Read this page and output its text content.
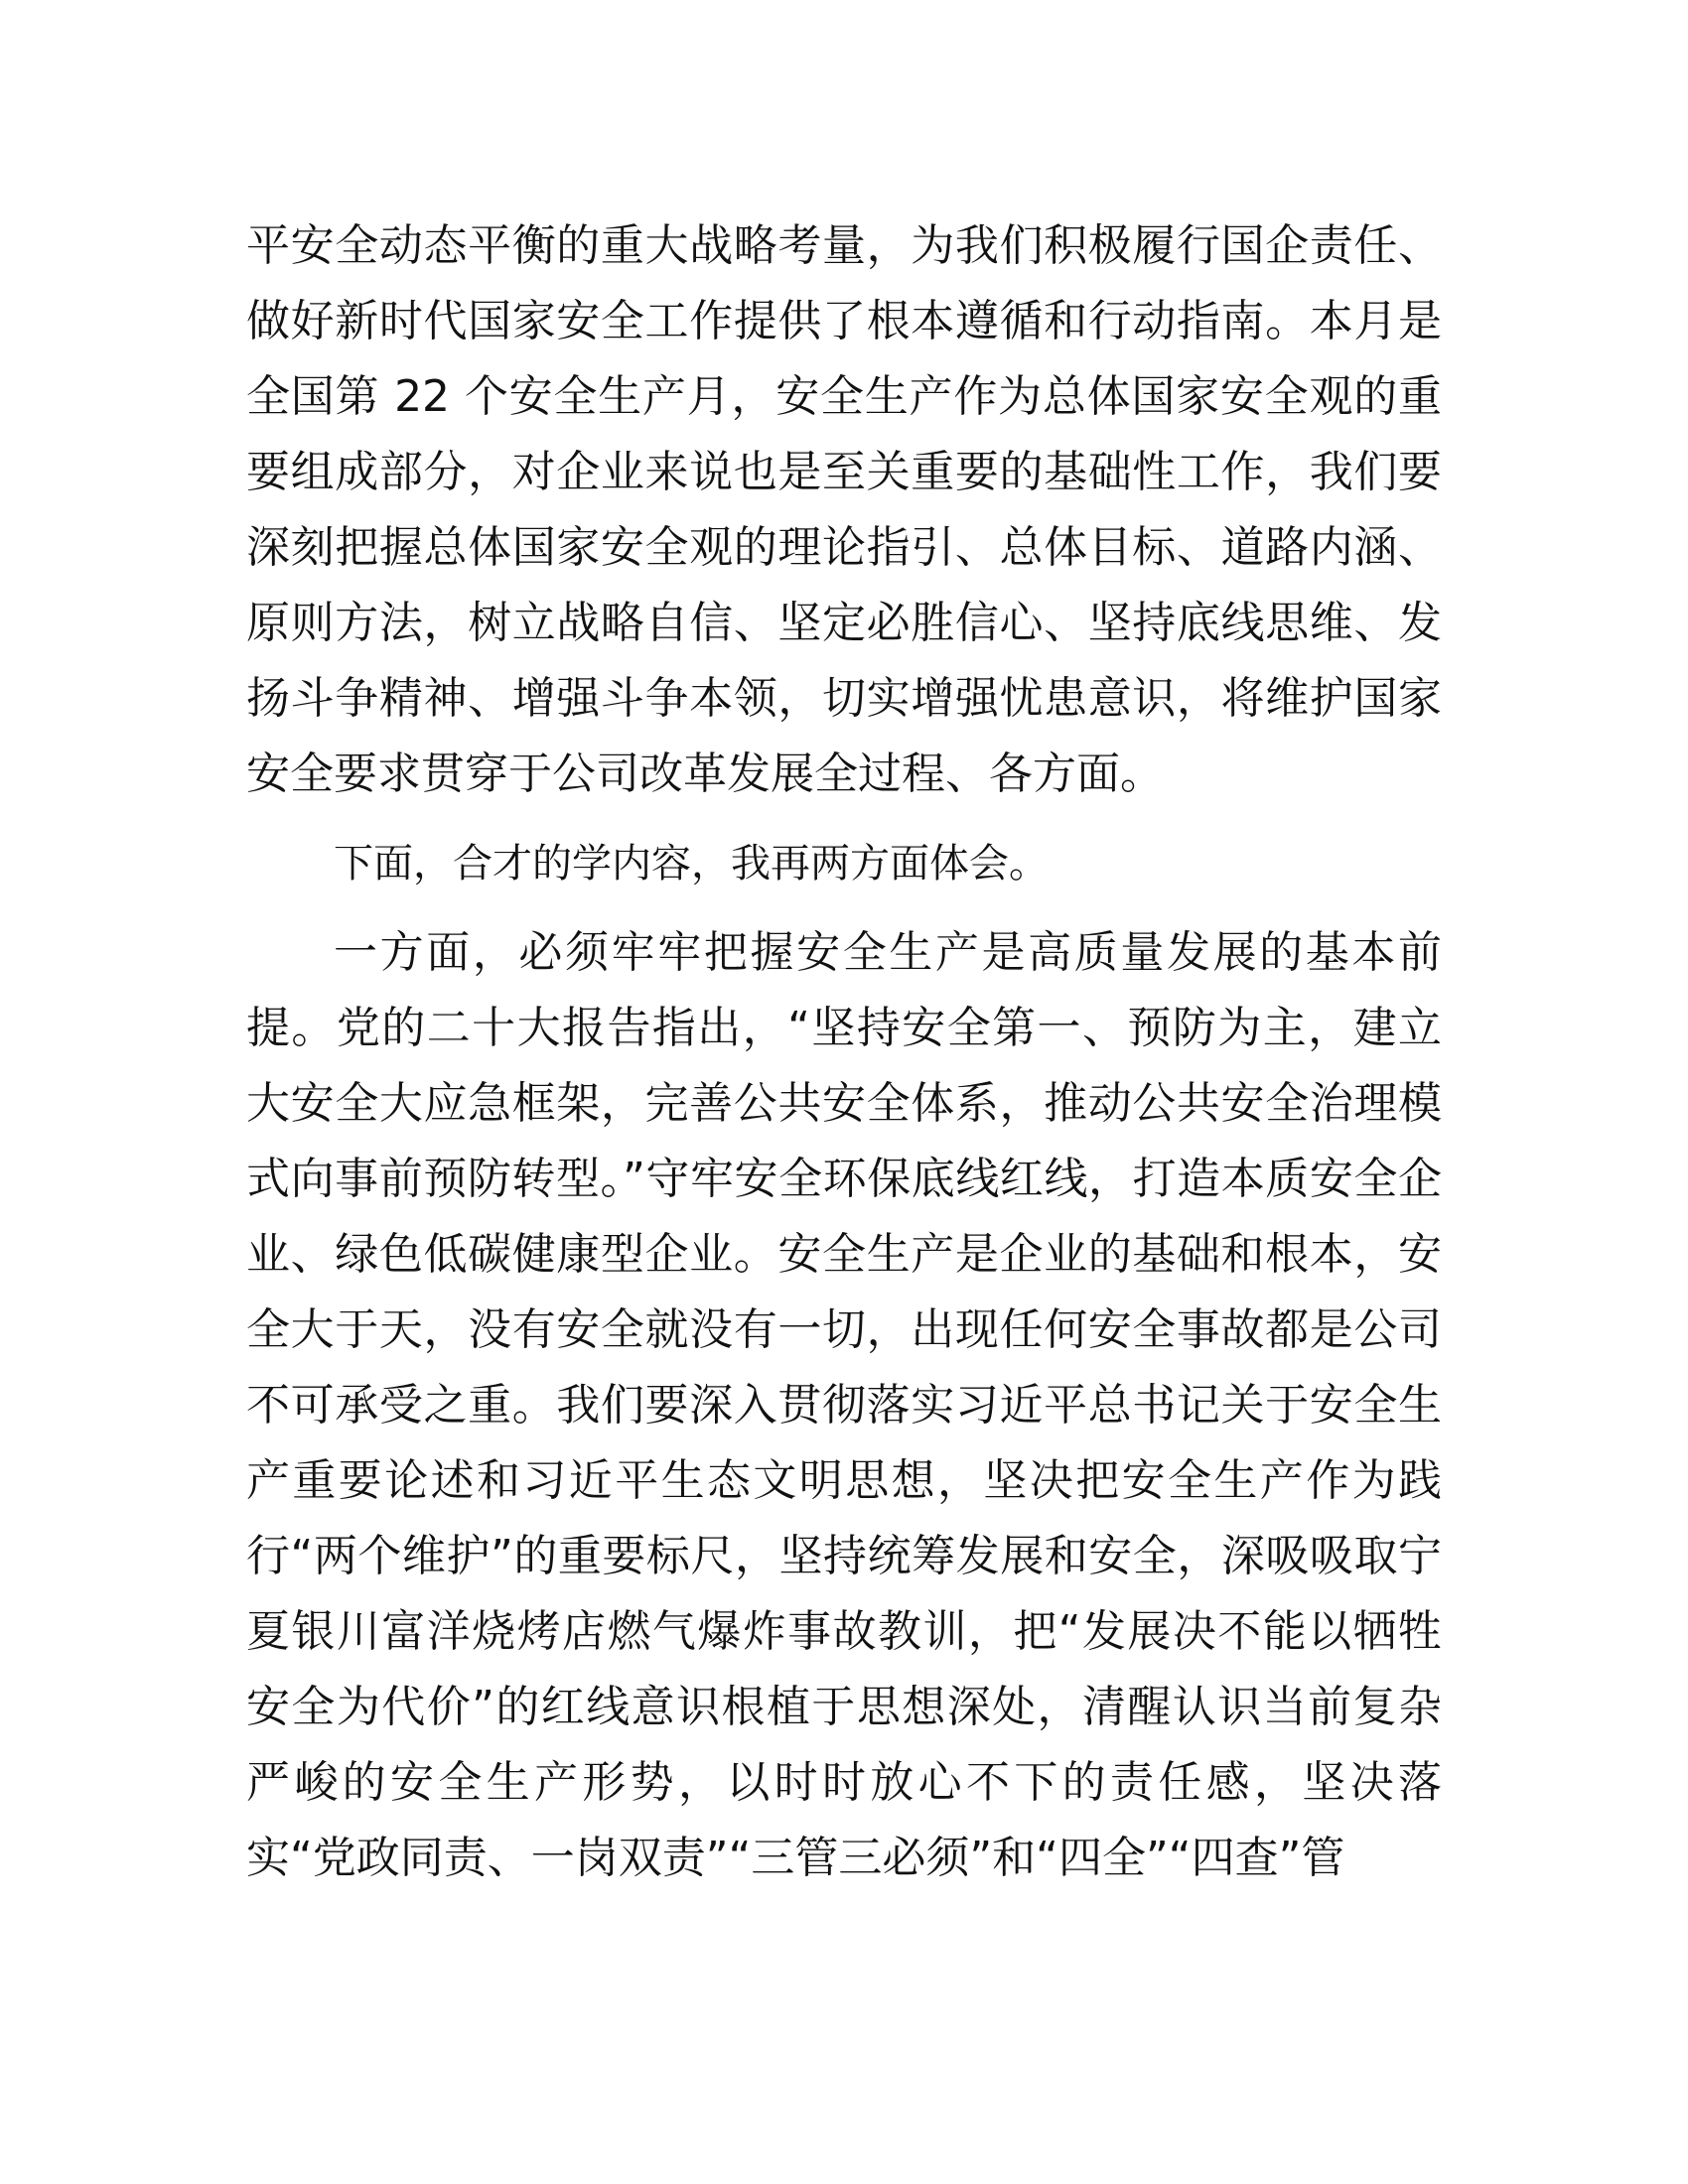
平安全动态平衡的重大战略考量，为我们积极履行国企责任、做好新时代国家安全工作提供了根本遵循和行动指南。本月是全国第 22 个安全生产月，安全生产作为总体国家安全观的重要组成部分，对企业来说也是至关重要的基础性工作，我们要深刻把握总体国家安全观的理论指引、总体目标、道路内涵、原则方法，树立战略自信、坚定必胜信心、坚持底线思维、发扬斗争精神、增强斗争本领，切实增强忧患意识，将维护国家安全要求贯穿于公司改革发展全过程、各方面。

下面，合才的学内容，我再两方面体会。

一方面，必须牢牢把握安全生产是高质量发展的基本前提。党的二十大报告指出，“坚持安全第一、预防为主，建立大安全大应急框架，完善公共安全体系，推动公共安全治理模式向事前预防转型。”守牢安全环保底线红线，打造本质安全企业、绿色低碳健康型企业。安全生产是企业的基础和根本，安全大于天，没有安全就没有一切，出现任何安全事故都是公司不可承受之重。我们要深入贯彻落实习近平总书记关于安全生产重要论述和习近平生态文明思想，坚决把安全生产作为践行“两个维护”的重要标尺，坚持统筹发展和安全，深吸吸取宁夏银川富洋烧烤店燃气爆炸事故教训，把“发展决不能以牺牲安全为代价”的红线意识根植于思想深处，清醒认识当前复杂严峻的安全生产形势，以时时放心不下的责任感，坚决落实“党政同责、一岗双责”“三管三必须”和“四全”“四查”管
